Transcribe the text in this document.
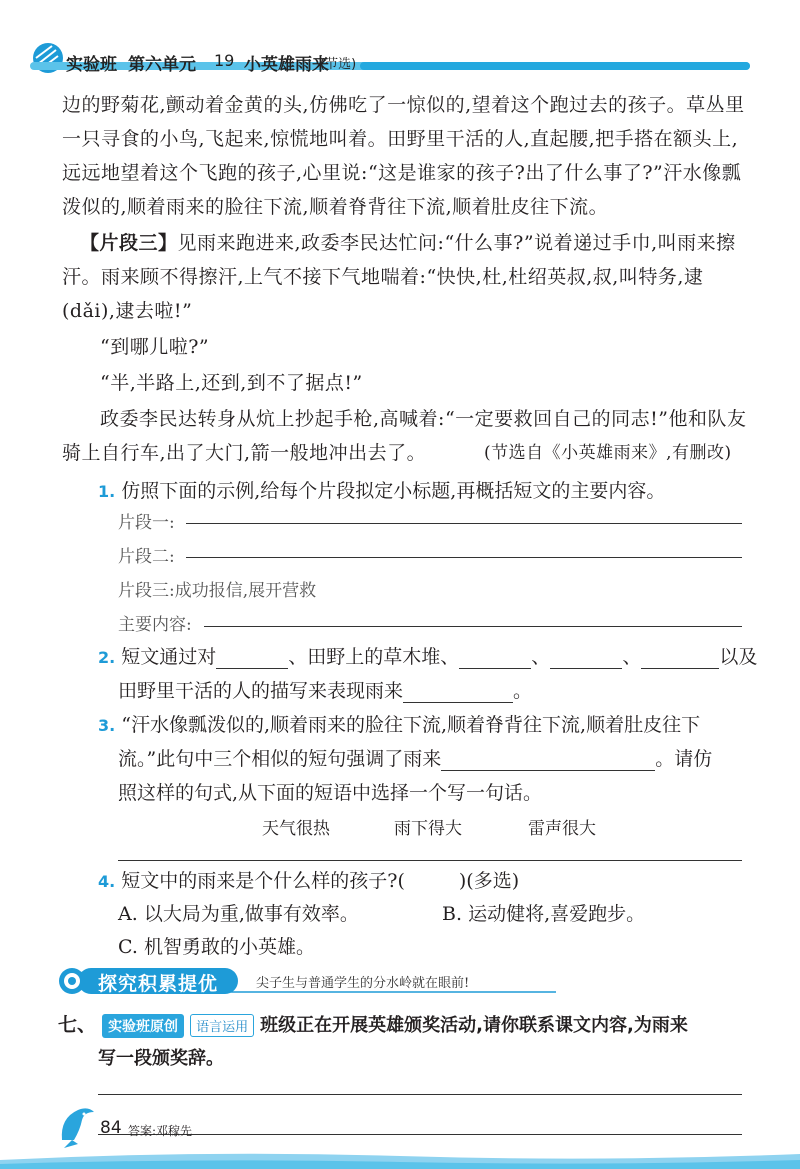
实验班 第六单元 19 小英雄雨来
(节选)
边的野菊花,颤动着金黄的头,仿佛吃了一惊似的,望着这个跑过去的孩子。草丛里
一只寻食的小鸟,飞起来,惊慌地叫着。田野里干活的人,直起腰,把手搭在额头上,
远远地望着这个飞跑的孩子,心里说:“这是谁家的孩子?出了什么事了?”汗水像瓢
泼似的,顺着雨来的脸往下流,顺着脊背往下流,顺着肚皮往下流。
【片段三】见雨来跑进来,政委李民达忙问:“什么事?”说着递过手巾,叫雨来擦
汗。雨来顾不得擦汗,上气不接下气地喘着:“快快,杜,杜绍英叔,叔,叫特务,逮
(dǎi),逮去啦!”
“到哪儿啦?”
“半,半路上,还到,到不了据点!”
政委李民达转身从炕上抄起手枪,高喊着:“一定要救回自己的同志!”他和队友
骑上自行车,出了大门,箭一般地冲出去了。	(节选自《小英雄雨来》,有删改)
1. 仿照下面的示例,给每个片段拟定小标题,再概括短文的主要内容。
片段一:
片段二:
片段三:成功报信,展开营救
主要内容:
2. 短文通过对	、田野上的草木堆、	、	、	以及
田野里干活的人的描写来表现雨来	。
3. “汗水像瓢泼似的,顺着雨来的脸往下流,顺着脊背往下流,顺着肚皮往下
流。”此句中三个相似的短句强调了雨来	。请仿
照这样的句式,从下面的短语中选择一个写一句话。
天气很热	雨下得大	雷声很大
4. 短文中的雨来是个什么样的孩子?(	)(多选)
A. 以大局为重,做事有效率。	B. 运动健将,喜爱跑步。
C. 机智勇敢的小英雄。
探究积累提优	尖子生与普通学生的分水岭就在眼前!
七、 实验班原创 语言运用 班级正在开展英雄颁奖活动,请你联系课文内容,为雨来
写一段颁奖辞。
84 答案:邓稼先
